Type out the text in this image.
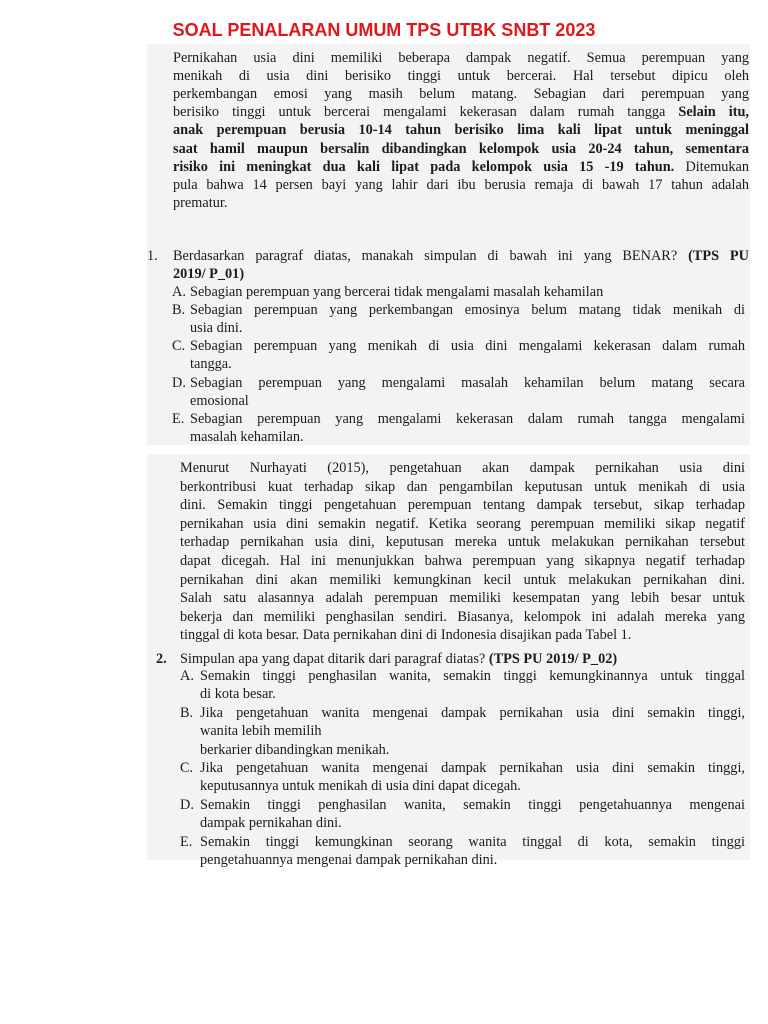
SOAL PENALARAN UMUM TPS UTBK SNBT 2023
Pernikahan usia dini memiliki beberapa dampak negatif. Semua perempuan yang
menikah di usia dini berisiko tinggi untuk bercerai. Hal tersebut dipicu oleh
perkembangan emosi yang masih belum matang. Sebagian dari perempuan yang
berisiko tinggi untuk bercerai mengalami kekerasan dalam rumah tangga Selain itu,
anak perempuan berusia 10-14 tahun berisiko lima kali lipat untuk meninggal
saat hamil maupun bersalin dibandingkan kelompok usia 20-24 tahun, sementara
risiko ini meningkat dua kali lipat pada kelompok usia 15 -19 tahun. Ditemukan
pula bahwa 14 persen bayi yang lahir dari ibu berusia remaja di bawah 17 tahun adalah
prematur.
1. Berdasarkan paragraf diatas, manakah simpulan di bawah ini yang BENAR? (TPS PU
2019/ P_01)
A. Sebagian perempuan yang bercerai tidak mengalami masalah kehamilan
B. Sebagian perempuan yang perkembangan emosinya belum matang tidak menikah di
usia dini.
C. Sebagian perempuan yang menikah di usia dini mengalami kekerasan dalam rumah
tangga.
D. Sebagian perempuan yang mengalami masalah kehamilan belum matang secara
emosional
E. Sebagian perempuan yang mengalami kekerasan dalam rumah tangga mengalami
masalah kehamilan.
Menurut Nurhayati (2015), pengetahuan akan dampak pernikahan usia dini
berkontribusi kuat terhadap sikap dan pengambilan keputusan untuk menikah di usia
dini. Semakin tinggi pengetahuan perempuan tentang dampak tersebut, sikap terhadap
pernikahan usia dini semakin negatif. Ketika seorang perempuan memiliki sikap negatif
terhadap pernikahan usia dini, keputusan mereka untuk melakukan pernikahan tersebut
dapat dicegah. Hal ini menunjukkan bahwa perempuan yang sikapnya negatif terhadap
pernikahan dini akan memiliki kemungkinan kecil untuk melakukan pernikahan dini.
Salah satu alasannya adalah perempuan memiliki kesempatan yang lebih besar untuk
bekerja dan memiliki penghasilan sendiri. Biasanya, kelompok ini adalah mereka yang
tinggal di kota besar. Data pernikahan dini di Indonesia disajikan pada Tabel 1.
2. Simpulan apa yang dapat ditarik dari paragraf diatas? (TPS PU 2019/ P_02)
A. Semakin tinggi penghasilan wanita, semakin tinggi kemungkinannya untuk tinggal
di kota besar.
B. Jika pengetahuan wanita mengenai dampak pernikahan usia dini semakin tinggi,
wanita lebih memilih
berkarier dibandingkan menikah.
C. Jika pengetahuan wanita mengenai dampak pernikahan usia dini semakin tinggi,
keputusannya untuk menikah di usia dini dapat dicegah.
D. Semakin tinggi penghasilan wanita, semakin tinggi pengetahuannya mengenai
dampak pernikahan dini.
E. Semakin tinggi kemungkinan seorang wanita tinggal di kota, semakin tinggi
pengetahuannya mengenai dampak pernikahan dini.
